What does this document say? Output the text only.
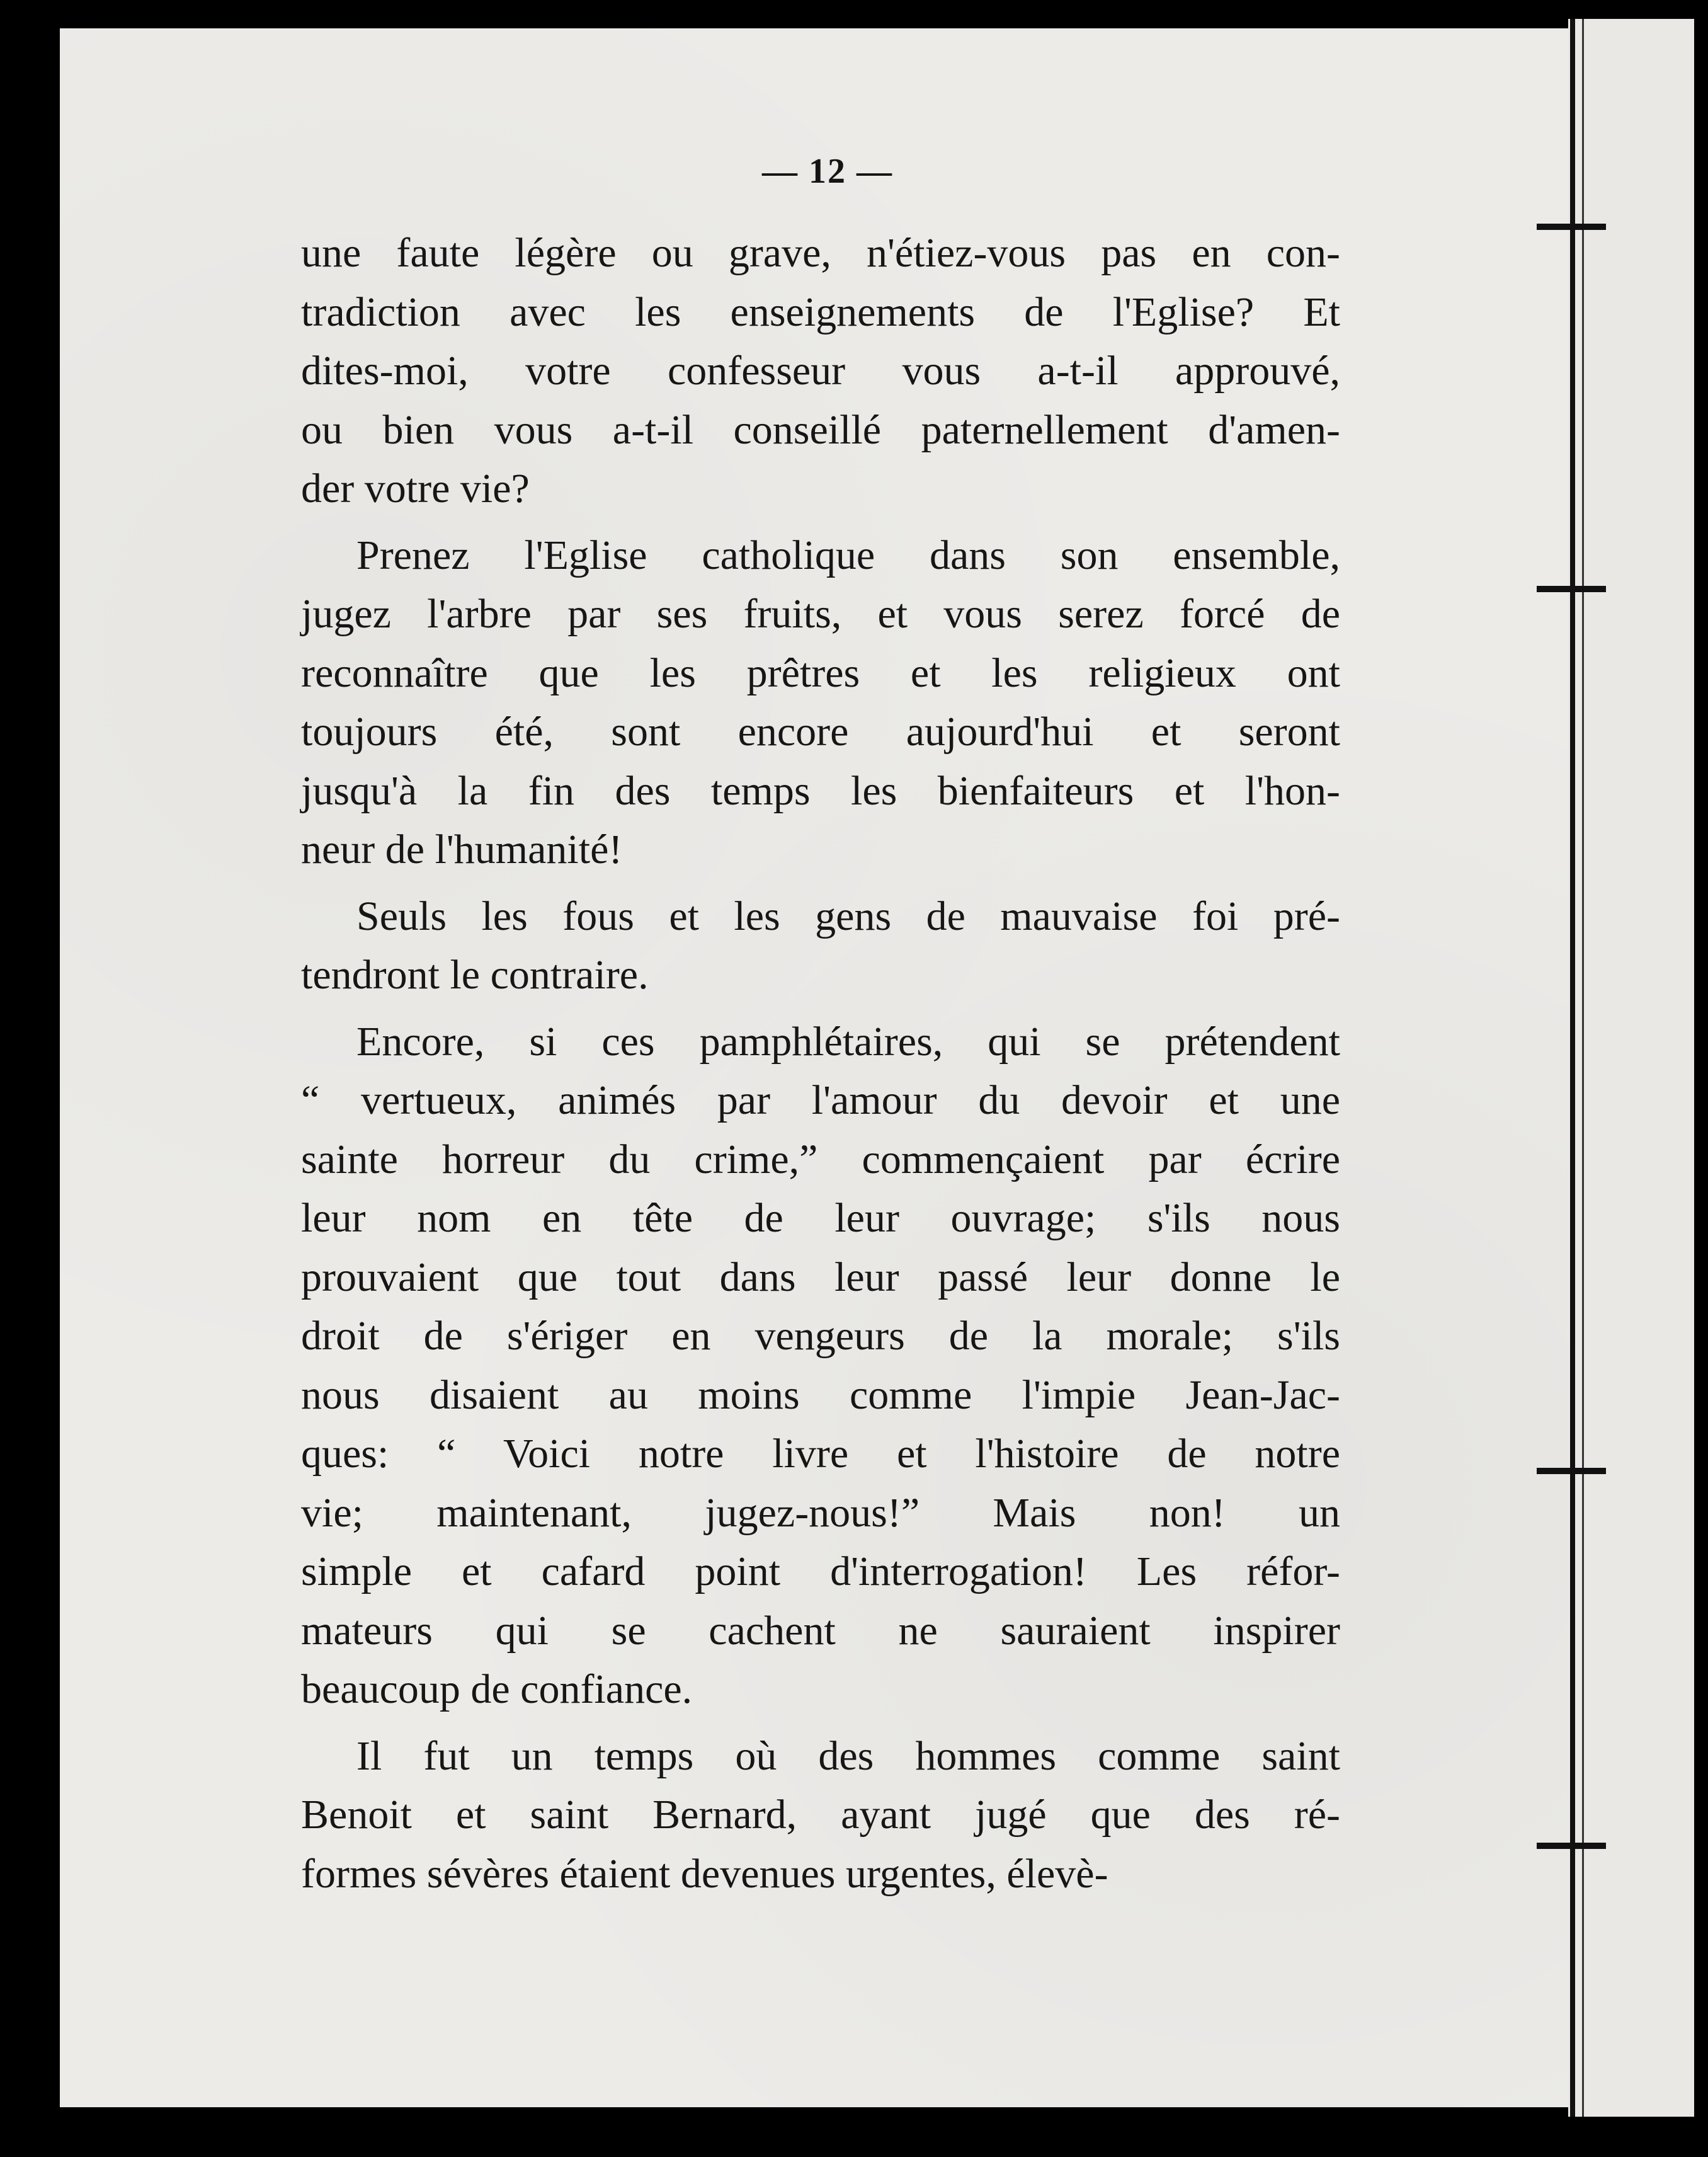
— 12 —
une faute légère ou grave, n'étiez-vous pas en con-
tradiction avec les enseignements de l'Eglise? Et
dites-moi, votre confesseur vous a-t-il approuvé,
ou bien vous a-t-il conseillé paternellement d'amen-
der votre vie?
Prenez l'Eglise catholique dans son ensemble,
jugez l'arbre par ses fruits, et vous serez forcé de
reconnaître que les prêtres et les religieux ont
toujours été, sont encore aujourd'hui et seront
jusqu'à la fin des temps les bienfaiteurs et l'hon-
neur de l'humanité!
Seuls les fous et les gens de mauvaise foi pré-
tendront le contraire.
Encore, si ces pamphlétaires, qui se prétendent
“ vertueux, animés par l'amour du devoir et une
sainte horreur du crime,” commençaient par écrire
leur nom en tête de leur ouvrage; s'ils nous
prouvaient que tout dans leur passé leur donne le
droit de s'ériger en vengeurs de la morale; s'ils
nous disaient au moins comme l'impie Jean-Jac-
ques: “ Voici notre livre et l'histoire de notre
vie; maintenant, jugez-nous!” Mais non! un
simple et cafard point d'interrogation! Les réfor-
mateurs qui se cachent ne sauraient inspirer
beaucoup de confiance.
Il fut un temps où des hommes comme saint
Benoit et saint Bernard, ayant jugé que des ré-
formes sévères étaient devenues urgentes, élevè-
